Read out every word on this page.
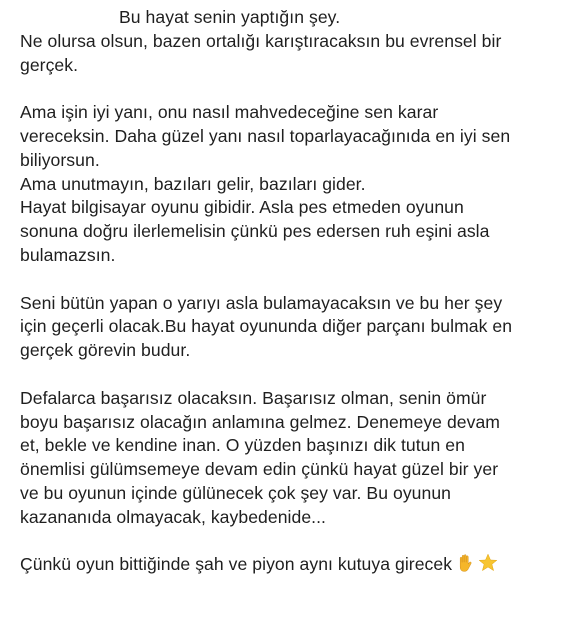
Bu hayat senin yaptığın şey.
Ne olursa olsun, bazen ortalığı karıştıracaksın bu evrensel bir
gerçek.
Ama işin iyi yanı, onu nasıl mahvedeceğine sen karar
vereceksin. Daha güzel yanı nasıl toparlayacağınıda en iyi sen
biliyorsun.
Ama unutmayın, bazıları gelir, bazıları gider.
Hayat bilgisayar oyunu gibidir. Asla pes etmeden oyunun
sonuna doğru ilerlemelisin çünkü pes edersen ruh eşini asla
bulamazsın.
Seni bütün yapan o yarıyı asla bulamayacaksın ve bu her şey
için geçerli olacak.Bu hayat oyununda diğer parçanı bulmak en
gerçek görevin budur.
Defalarca başarısız olacaksın. Başarısız olman, senin ömür
boyu başarısız olacağın anlamına gelmez. Denemeye devam
et, bekle ve kendine inan. O yüzden başınızı dik tutun en
önemlisi gülümsemeye devam edin çünkü hayat güzel bir yer
ve bu oyunun içinde gülünecek çok şey var. Bu oyunun
kazananıda olmayacak, kaybedenide...
Çünkü oyun bittiğinde şah ve piyon aynı kutuya girecek
